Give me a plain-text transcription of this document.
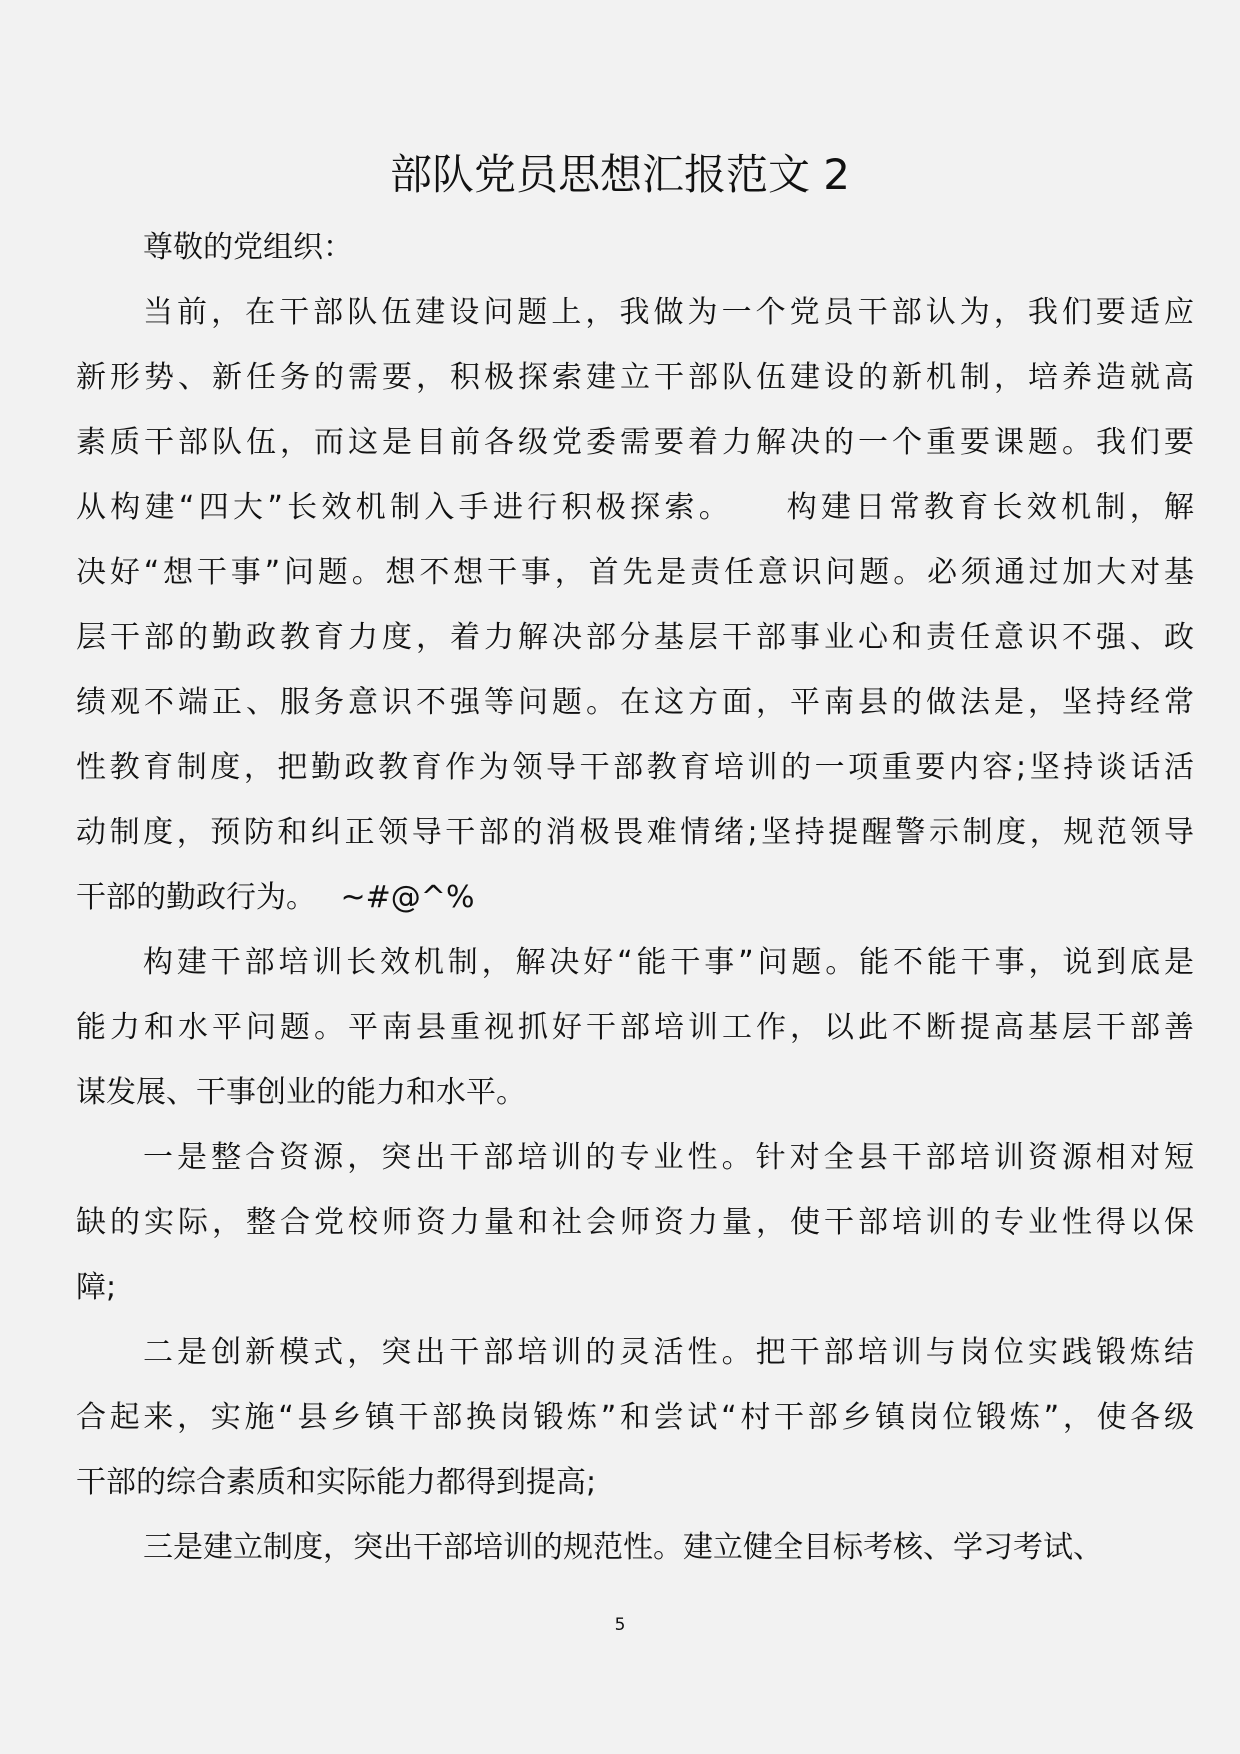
部队党员思想汇报范文 2
尊敬的党组织：
当前，在干部队伍建设问题上，我做为一个党员干部认为，我们要适应
新形势、新任务的需要，积极探索建立干部队伍建设的新机制，培养造就高
素质干部队伍，而这是目前各级党委需要着力解决的一个重要课题。我们要
从构建“四大”长效机制入手进行积极探索。　　构建日常教育长效机制，解
决好“想干事”问题。想不想干事，首先是责任意识问题。必须通过加大对基
层干部的勤政教育力度，着力解决部分基层干部事业心和责任意识不强、政
绩观不端正、服务意识不强等问题。在这方面，平南县的做法是，坚持经常
性教育制度，把勤政教育作为领导干部教育培训的一项重要内容;坚持谈话活
动制度，预防和纠正领导干部的消极畏难情绪;坚持提醒警示制度，规范领导
干部的勤政行为。　 ~#@^%
构建干部培训长效机制，解决好“能干事”问题。能不能干事，说到底是
能力和水平问题。平南县重视抓好干部培训工作，以此不断提高基层干部善
谋发展、干事创业的能力和水平。
一是整合资源，突出干部培训的专业性。针对全县干部培训资源相对短
缺的实际，整合党校师资力量和社会师资力量，使干部培训的专业性得以保
障;
二是创新模式，突出干部培训的灵活性。把干部培训与岗位实践锻炼结
合起来，实施“县乡镇干部换岗锻炼”和尝试“村干部乡镇岗位锻炼”，使各级
干部的综合素质和实际能力都得到提高;
三是建立制度，突出干部培训的规范性。建立健全目标考核、学习考试、
5
